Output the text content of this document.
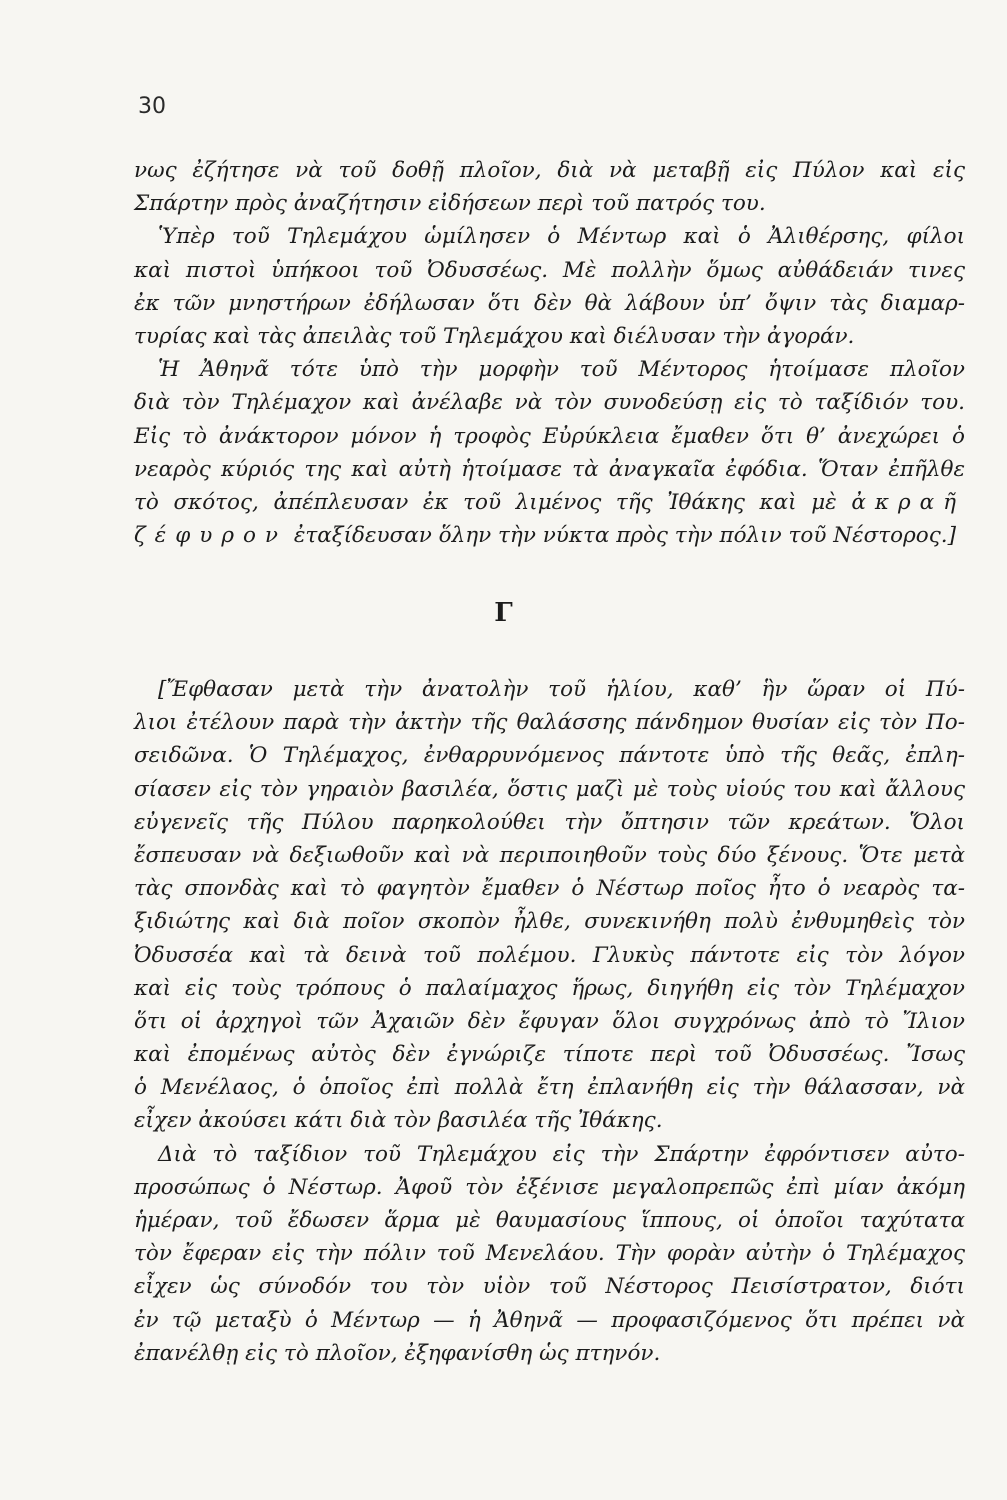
30
νως ἐζήτησε νὰ τοῦ δοθῇ πλοῖον, διὰ νὰ μεταβῇ εἰς Πύλον καὶ εἰς
Σπάρτην πρὸς ἀναζήτησιν εἰδήσεων περὶ τοῦ πατρός του.
Ὑπὲρ τοῦ Τηλεμάχου ὡμίλησεν ὁ Μέντωρ καὶ ὁ Ἀλιθέρσης, φίλοι
καὶ πιστοὶ ὑπήκοοι τοῦ Ὀδυσσέως. Μὲ πολλὴν ὅμως αὐθάδειάν τινες
ἐκ τῶν μνηστήρων ἐδήλωσαν ὅτι δὲν θὰ λάβουν ὑπ’ ὄψιν τὰς διαμαρ-
τυρίας καὶ τὰς ἀπειλὰς τοῦ Τηλεμάχου καὶ διέλυσαν τὴν ἀγοράν.
Ἡ Ἀθηνᾶ τότε ὑπὸ τὴν μορφὴν τοῦ Μέντορος ἡτοίμασε πλοῖον
διὰ τὸν Τηλέμαχον καὶ ἀνέλαβε νὰ τὸν συνοδεύσῃ εἰς τὸ ταξίδιόν του.
Εἰς τὸ ἀνάκτορον μόνον ἡ τροφὸς Εὐρύκλεια ἔμαθεν ὅτι θ’ ἀνεχώρει ὁ
νεαρὸς κύριός της καὶ αὐτὴ ἡτοίμασε τὰ ἀναγκαῖα ἐφόδια. Ὅταν ἐπῆλθε
τὸ σκότος, ἀπέπλευσαν ἐκ τοῦ λιμένος τῆς Ἰθάκης καὶ μὲ ἀκραῆ
ζέφυρον ἐταξίδευσαν ὅλην τὴν νύκτα πρὸς τὴν πόλιν τοῦ Νέστορος.]
Γ
[Ἔφθασαν μετὰ τὴν ἀνατολὴν τοῦ ἡλίου, καθ’ ἣν ὥραν οἱ Πύ-
λιοι ἐτέλουν παρὰ τὴν ἀκτὴν τῆς θαλάσσης πάνδημον θυσίαν εἰς τὸν Πο-
σειδῶνα. Ὁ Τηλέμαχος, ἐνθαρρυνόμενος πάντοτε ὑπὸ τῆς θεᾶς, ἐπλη-
σίασεν εἰς τὸν γηραιὸν βασιλέα, ὅστις μαζὶ μὲ τοὺς υἱούς του καὶ ἄλλους
εὐγενεῖς τῆς Πύλου παρηκολούθει τὴν ὄπτησιν τῶν κρεάτων. Ὅλοι
ἔσπευσαν νὰ δεξιωθοῦν καὶ νὰ περιποιηθοῦν τοὺς δύο ξένους. Ὅτε μετὰ
τὰς σπονδὰς καὶ τὸ φαγητὸν ἔμαθεν ὁ Νέστωρ ποῖος ἦτο ὁ νεαρὸς τα-
ξιδιώτης καὶ διὰ ποῖον σκοπὸν ἦλθε, συνεκινήθη πολὺ ἐνθυμηθεὶς τὸν
Ὀδυσσέα καὶ τὰ δεινὰ τοῦ πολέμου. Γλυκὺς πάντοτε εἰς τὸν λόγον
καὶ εἰς τοὺς τρόπους ὁ παλαίμαχος ἥρως, διηγήθη εἰς τὸν Τηλέμαχον
ὅτι οἱ ἀρχηγοὶ τῶν Ἀχαιῶν δὲν ἔφυγαν ὅλοι συγχρόνως ἀπὸ τὸ Ἴλιον
καὶ ἐπομένως αὐτὸς δὲν ἐγνώριζε τίποτε περὶ τοῦ Ὀδυσσέως. Ἴσως
ὁ Μενέλαος, ὁ ὁποῖος ἐπὶ πολλὰ ἔτη ἐπλανήθη εἰς τὴν θάλασσαν, νὰ
εἶχεν ἀκούσει κάτι διὰ τὸν βασιλέα τῆς Ἰθάκης.
Διὰ τὸ ταξίδιον τοῦ Τηλεμάχου εἰς τὴν Σπάρτην ἐφρόντισεν αὐτο-
προσώπως ὁ Νέστωρ. Ἀφοῦ τὸν ἐξένισε μεγαλοπρεπῶς ἐπὶ μίαν ἀκόμη
ἡμέραν, τοῦ ἔδωσεν ἅρμα μὲ θαυμασίους ἵππους, οἱ ὁποῖοι ταχύτατα
τὸν ἔφεραν εἰς τὴν πόλιν τοῦ Μενελάου. Τὴν φορὰν αὐτὴν ὁ Τηλέμαχος
εἶχεν ὡς σύνοδόν του τὸν υἱὸν τοῦ Νέστορος Πεισίστρατον, διότι
ἐν τῷ μεταξὺ ὁ Μέντωρ — ἡ Ἀθηνᾶ — προφασιζόμενος ὅτι πρέπει νὰ
ἐπανέλθῃ εἰς τὸ πλοῖον, ἐξηφανίσθη ὡς πτηνόν.
